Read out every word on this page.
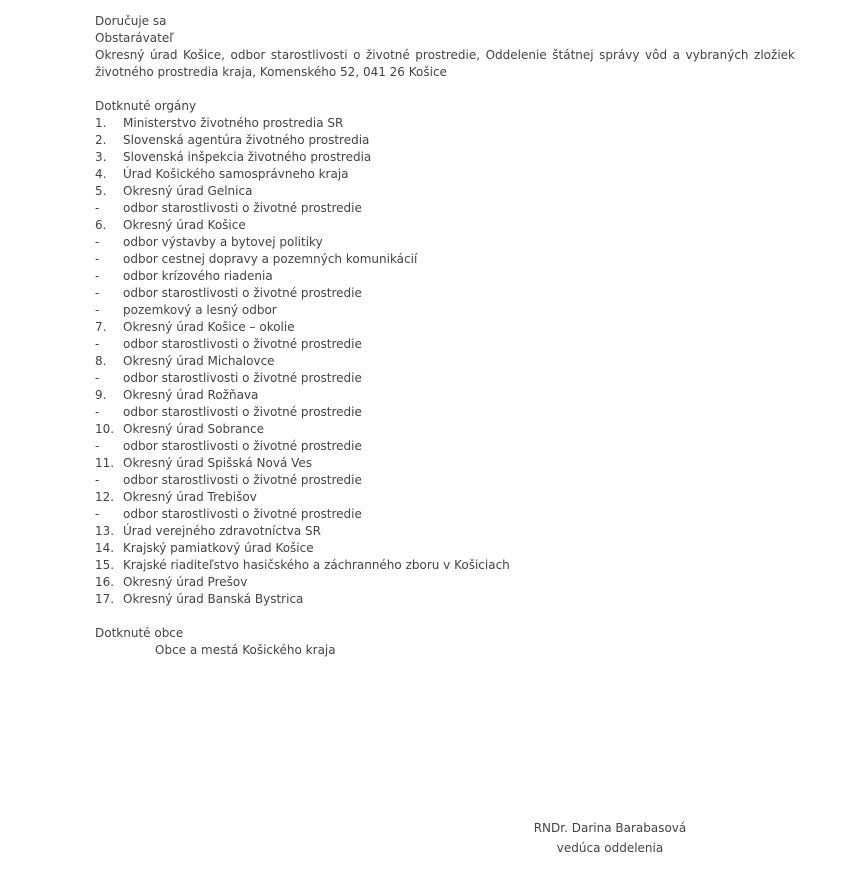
Doručuje sa
Obstarávateľ
Okresný úrad Košice, odbor starostlivosti o životné prostredie, Oddelenie štátnej správy vôd a vybraných zložiek
životného prostredia kraja, Komenského 52, 041 26 Košice
Dotknuté orgány
1. Ministerstvo životného prostredia SR
2. Slovenská agentúra životného prostredia
3. Slovenská inšpekcia životného prostredia
4. Úrad Košického samosprávneho kraja
5. Okresný úrad Gelnica
- odbor starostlivosti o životné prostredie
6. Okresný úrad Košice
- odbor výstavby a bytovej politiky
- odbor cestnej dopravy a pozemných komunikácií
- odbor krízového riadenia
- odbor starostlivosti o životné prostredie
- pozemkový a lesný odbor
7. Okresný úrad Košice – okolie
- odbor starostlivosti o životné prostredie
8. Okresný úrad Michalovce
- odbor starostlivosti o životné prostredie
9. Okresný úrad Rožňava
- odbor starostlivosti o životné prostredie
10. Okresný úrad Sobrance
- odbor starostlivosti o životné prostredie
11. Okresný úrad Spišská Nová Ves
- odbor starostlivosti o životné prostredie
12. Okresný úrad Trebišov
- odbor starostlivosti o životné prostredie
13. Úrad verejného zdravotníctva SR
14. Krajský pamiatkový úrad Košice
15. Krajské riaditeľstvo hasičského a záchranného zboru v Košiciach
16. Okresný úrad Prešov
17. Okresný úrad Banská Bystrica
Dotknuté obce
Obce a mestá Košického kraja
RNDr. Darina Barabasová
vedúca oddelenia
